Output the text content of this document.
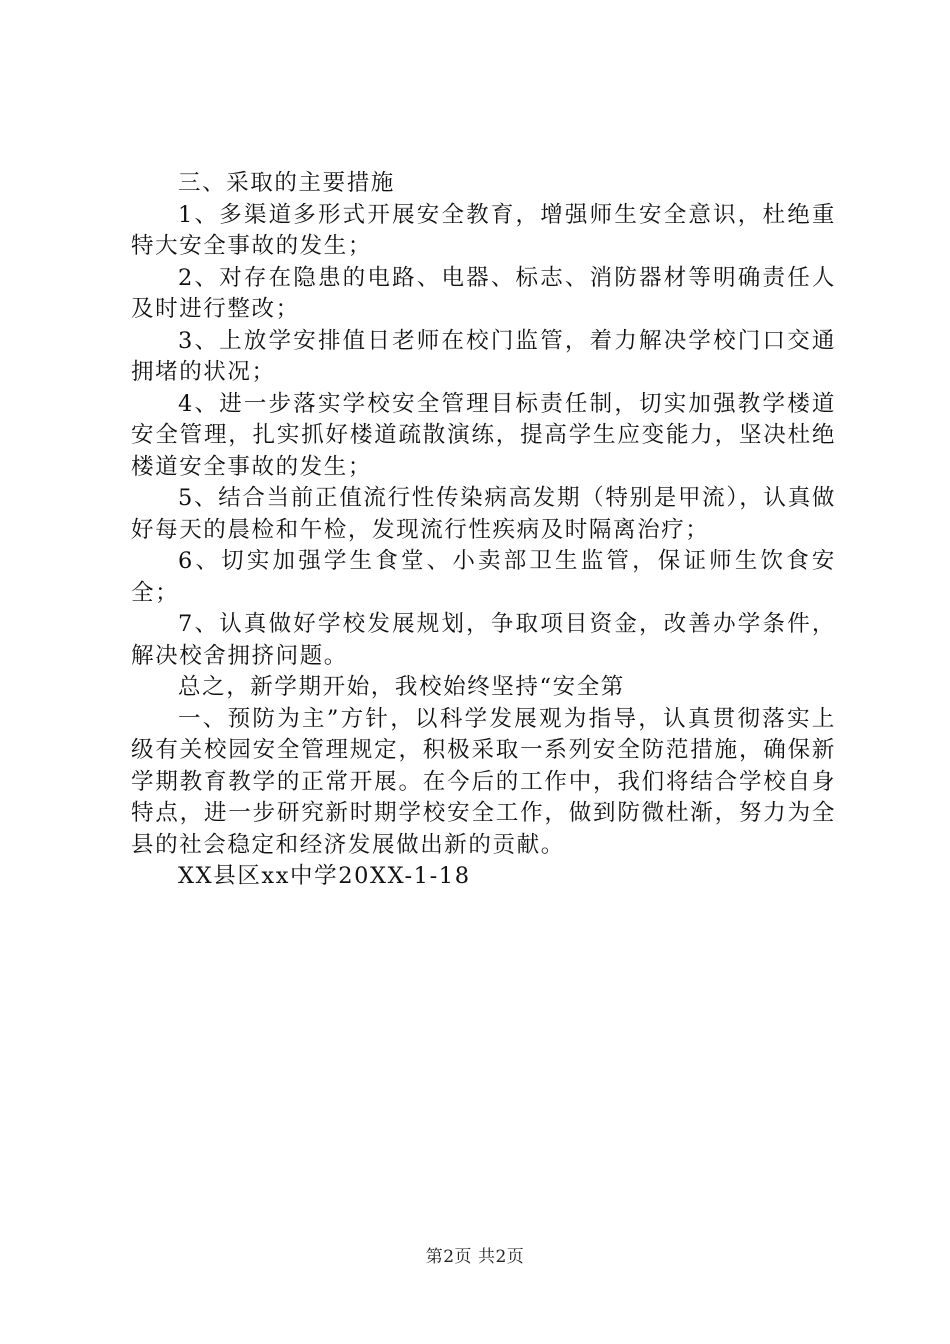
三、采取的主要措施

1、多渠道多形式开展安全教育，增强师生安全意识，杜绝重特大安全事故的发生；

2、对存在隐患的电路、电器、标志、消防器材等明确责任人及时进行整改；

3、上放学安排值日老师在校门监管，着力解决学校门口交通拥堵的状况；

4、进一步落实学校安全管理目标责任制，切实加强教学楼道安全管理，扎实抓好楼道疏散演练，提高学生应变能力，坚决杜绝楼道安全事故的发生；

5、结合当前正值流行性传染病高发期（特别是甲流），认真做好每天的晨检和午检，发现流行性疾病及时隔离治疗；

6、切实加强学生食堂、小卖部卫生监管，保证师生饮食安全；

7、认真做好学校发展规划，争取项目资金，改善办学条件，解决校舍拥挤问题。

总之，新学期开始，我校始终坚持“安全第

一、预防为主”方针，以科学发展观为指导，认真贯彻落实上级有关校园安全管理规定，积极采取一系列安全防范措施，确保新学期教育教学的正常开展。在今后的工作中，我们将结合学校自身特点，进一步研究新时期学校安全工作，做到防微杜渐，努力为全县的社会稳定和经济发展做出新的贡献。

XX县区xx中学20XX-1-18

第2页 共2页
